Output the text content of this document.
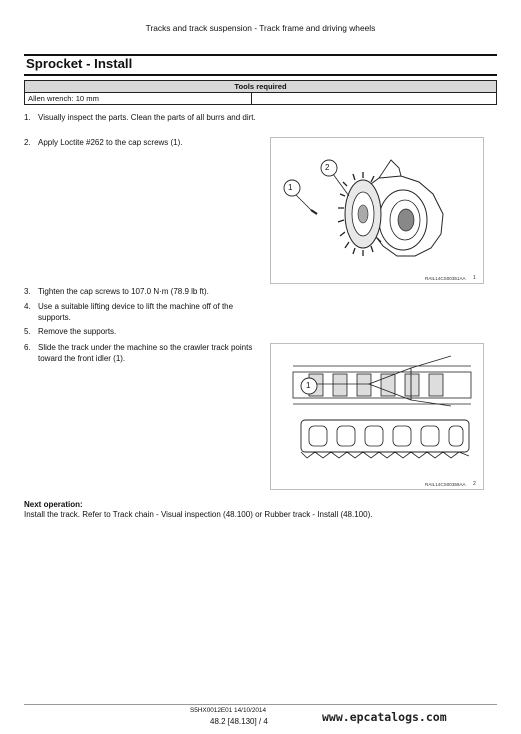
Tracks and track suspension - Track frame and driving wheels
Sprocket - Install
Tools required
Allen wrench: 10 mm	
1. Visually inspect the parts. Clean the parts of all burrs and dirt.
2. Apply Loctite #262 to the cap screws (1).
3. Tighten the cap screws to 107.0 N·m (78.9 lb ft).
4. Use a suitable lifting device to lift the machine off of the supports.
5. Remove the supports.
6. Slide the track under the machine so the crawler track points toward the front idler (1).
1
2
RAIL14CS00351AA 1
1
RAIL14CS00359AA 2
Next operation:
Install the track. Refer to Track chain - Visual inspection (48.100) or Rubber track - Install (48.100).
S5HX0012E01 14/10/2014
48.2 [48.130] / 4	www.epcatalogs.com
